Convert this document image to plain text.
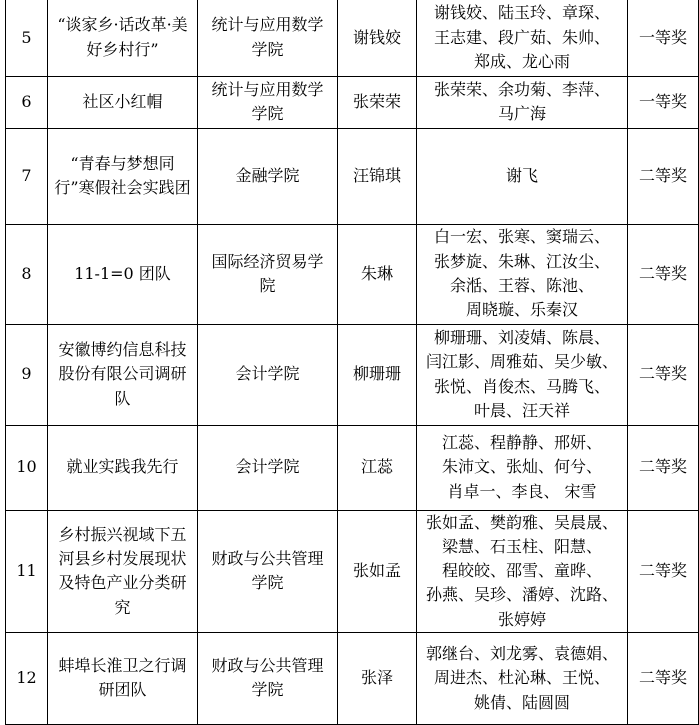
5	“谈家乡·话改革·美好乡村行”	统计与应用数学学院	谢钱姣	谢钱姣、陆玉玲、章琛、
王志建、段广茹、朱帅、
郑成、龙心雨	一等奖
6	社区小红帽	统计与应用数学学院	张荣荣	张荣荣、余功菊、李萍、
马广海	一等奖
7	“青春与梦想同行”寒假社会实践团	金融学院	汪锦琪	谢飞	二等奖
8	11-1=0 团队	国际经济贸易学院	朱琳	白一宏、张寒、窦瑞云、
张梦旋、朱琳、江汝尘、
余湉、王蓉、陈池、
周晓璇、乐秦汉	二等奖
9	安徽博约信息科技股份有限公司调研队	会计学院	柳珊珊	柳珊珊、刘凌婧、陈晨、
闫江影、周雅茹、吴少敏、
张悦、肖俊杰、马腾飞、
叶晨、汪天祥	二等奖
10	就业实践我先行	会计学院	江蕊	江蕊、程静静、邢妍、
朱沛文、张灿、何兮、
肖卓一、李良、 宋雪	二等奖
11	乡村振兴视域下五河县乡村发展现状及特色产业分类研究	财政与公共管理学院	张如孟	张如孟、樊韵雅、吴晨晟、
梁慧、石玉柱、阳慧、
程皎皎、邵雪、童晔、
孙燕、吴珍、潘婷、沈路、
张婷婷	二等奖
12	蚌埠长淮卫之行调研团队	财政与公共管理学院	张泽	郭继台、刘龙雾、袁德娟、
周进杰、杜沁琳、王悦、
姚倩、陆圆圆	二等奖
